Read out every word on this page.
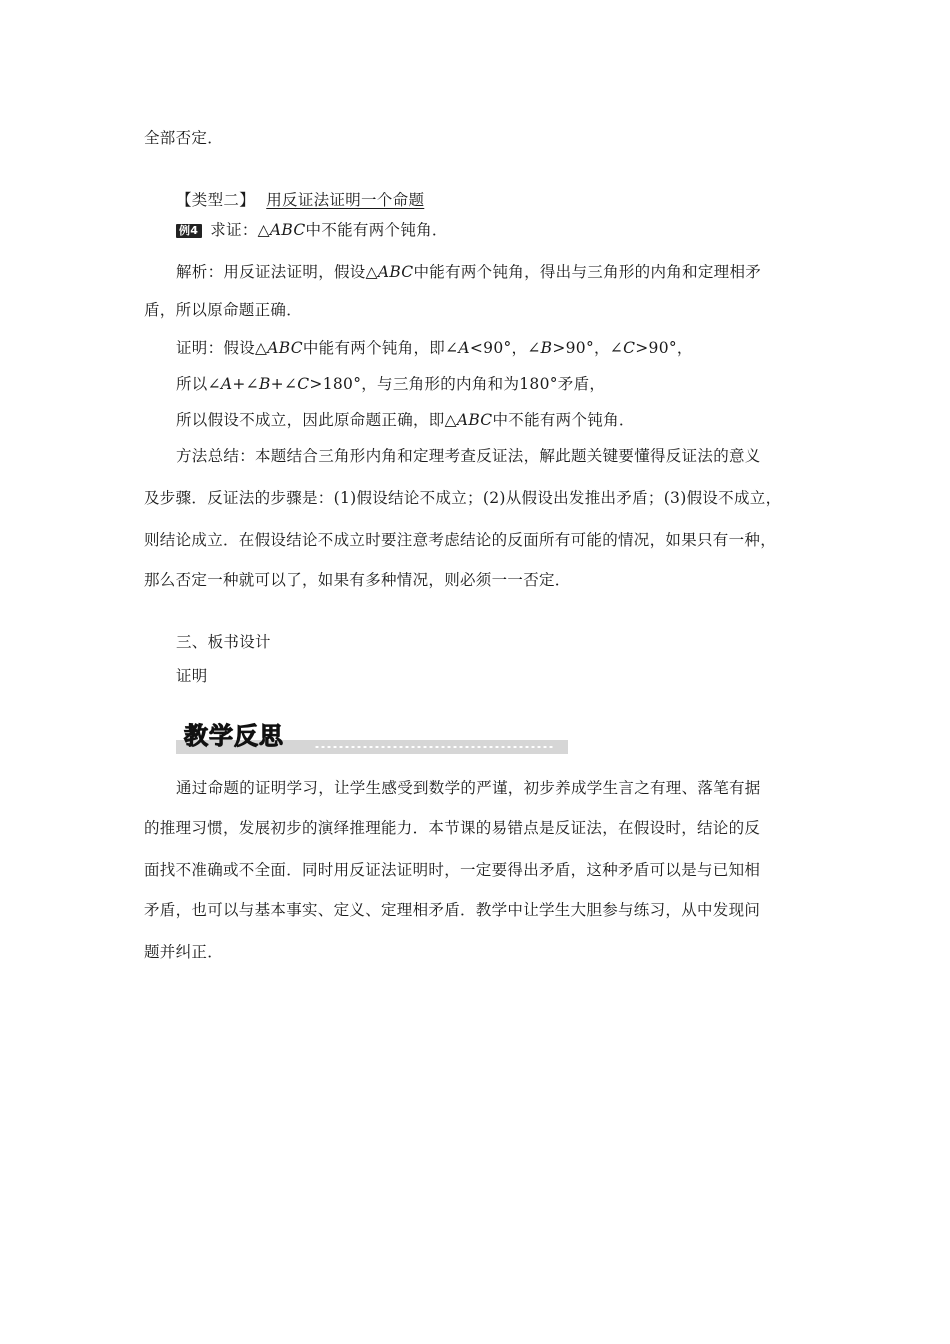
全部否定．
【类型二】 用反证法证明一个命题
例4 求证：△ABC中不能有两个钝角．
解析：用反证法证明，假设△ABC中能有两个钝角，得出与三角形的内角和定理相矛
盾，所以原命题正确．
证明：假设△ABC中能有两个钝角，即∠A<90°，∠B>90°，∠C>90°，
所以∠A+∠B+∠C>180°，与三角形的内角和为180°矛盾，
所以假设不成立，因此原命题正确，即△ABC中不能有两个钝角．
方法总结：本题结合三角形内角和定理考查反证法，解此题关键要懂得反证法的意义
及步骤．反证法的步骤是：(1)假设结论不成立；(2)从假设出发推出矛盾；(3)假设不成立，
则结论成立．在假设结论不成立时要注意考虑结论的反面所有可能的情况，如果只有一种，
那么否定一种就可以了，如果有多种情况，则必须一一否定．
三、板书设计
证明
教学反思
通过命题的证明学习，让学生感受到数学的严谨，初步养成学生言之有理、落笔有据
的推理习惯，发展初步的演绎推理能力．本节课的易错点是反证法，在假设时，结论的反
面找不准确或不全面．同时用反证法证明时，一定要得出矛盾，这种矛盾可以是与已知相
矛盾，也可以与基本事实、定义、定理相矛盾．教学中让学生大胆参与练习，从中发现问
题并纠正．
